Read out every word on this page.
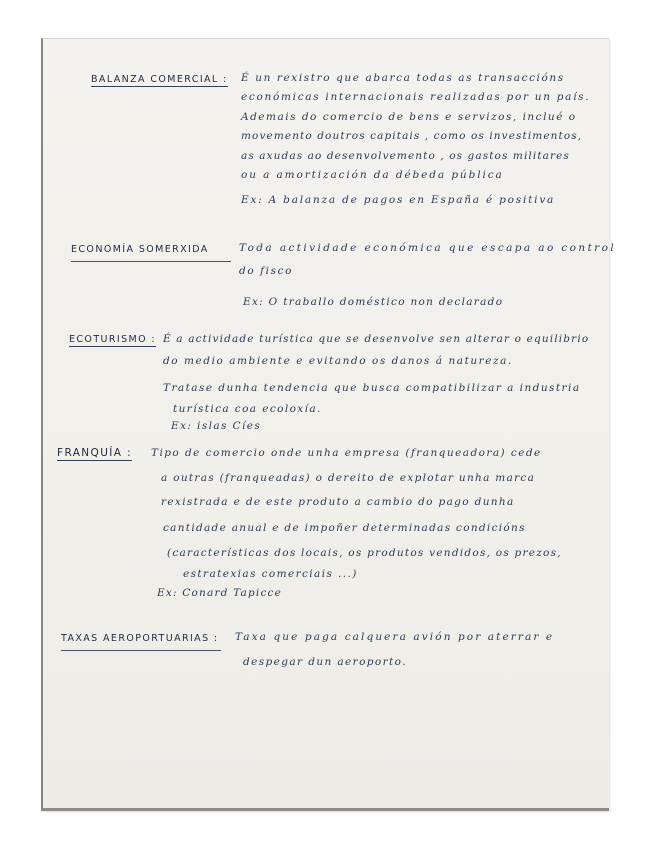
BALANZA COMERCIAL : É un rexistro que abarca todas as transaccións
económicas internacionais realizadas por un país.
Ademais do comercio de bens e servizos, inclué o
movemento doutros capitais , como os investimentos,
as axudas ao desenvolvemento , os gastos militares
ou a amortización da débeda pública
Ex: A balanza de pagos en España é positiva
ECONOMÍA SOMERXIDA	Toda actividade económica que escapa ao control
do fisco
Ex: O traballo doméstico non declarado
ECOTURISMO : É a actividade turística que se desenvolve sen alterar o equilibrio
do medio ambiente e evitando os danos á natureza.
Tratase dunha tendencia que busca compatibilizar a industria
turística coa ecoloxía.
Ex: islas Cíes
FRANQUÍA : Tipo de comercio onde unha empresa (franqueadora) cede
a outras (franqueadas) o dereito de explotar unha marca
rexistrada e de este produto a cambio do pago dunha
cantidade anual e de impoñer determinadas condicións
(características dos locais, os produtos vendidos, os prezos,
estratexias comerciais ...)
Ex: Conard Tapicce
TAXAS AEROPORTUARIAS : Taxa que paga calquera avión por aterrar e
despegar dun aeroporto.
